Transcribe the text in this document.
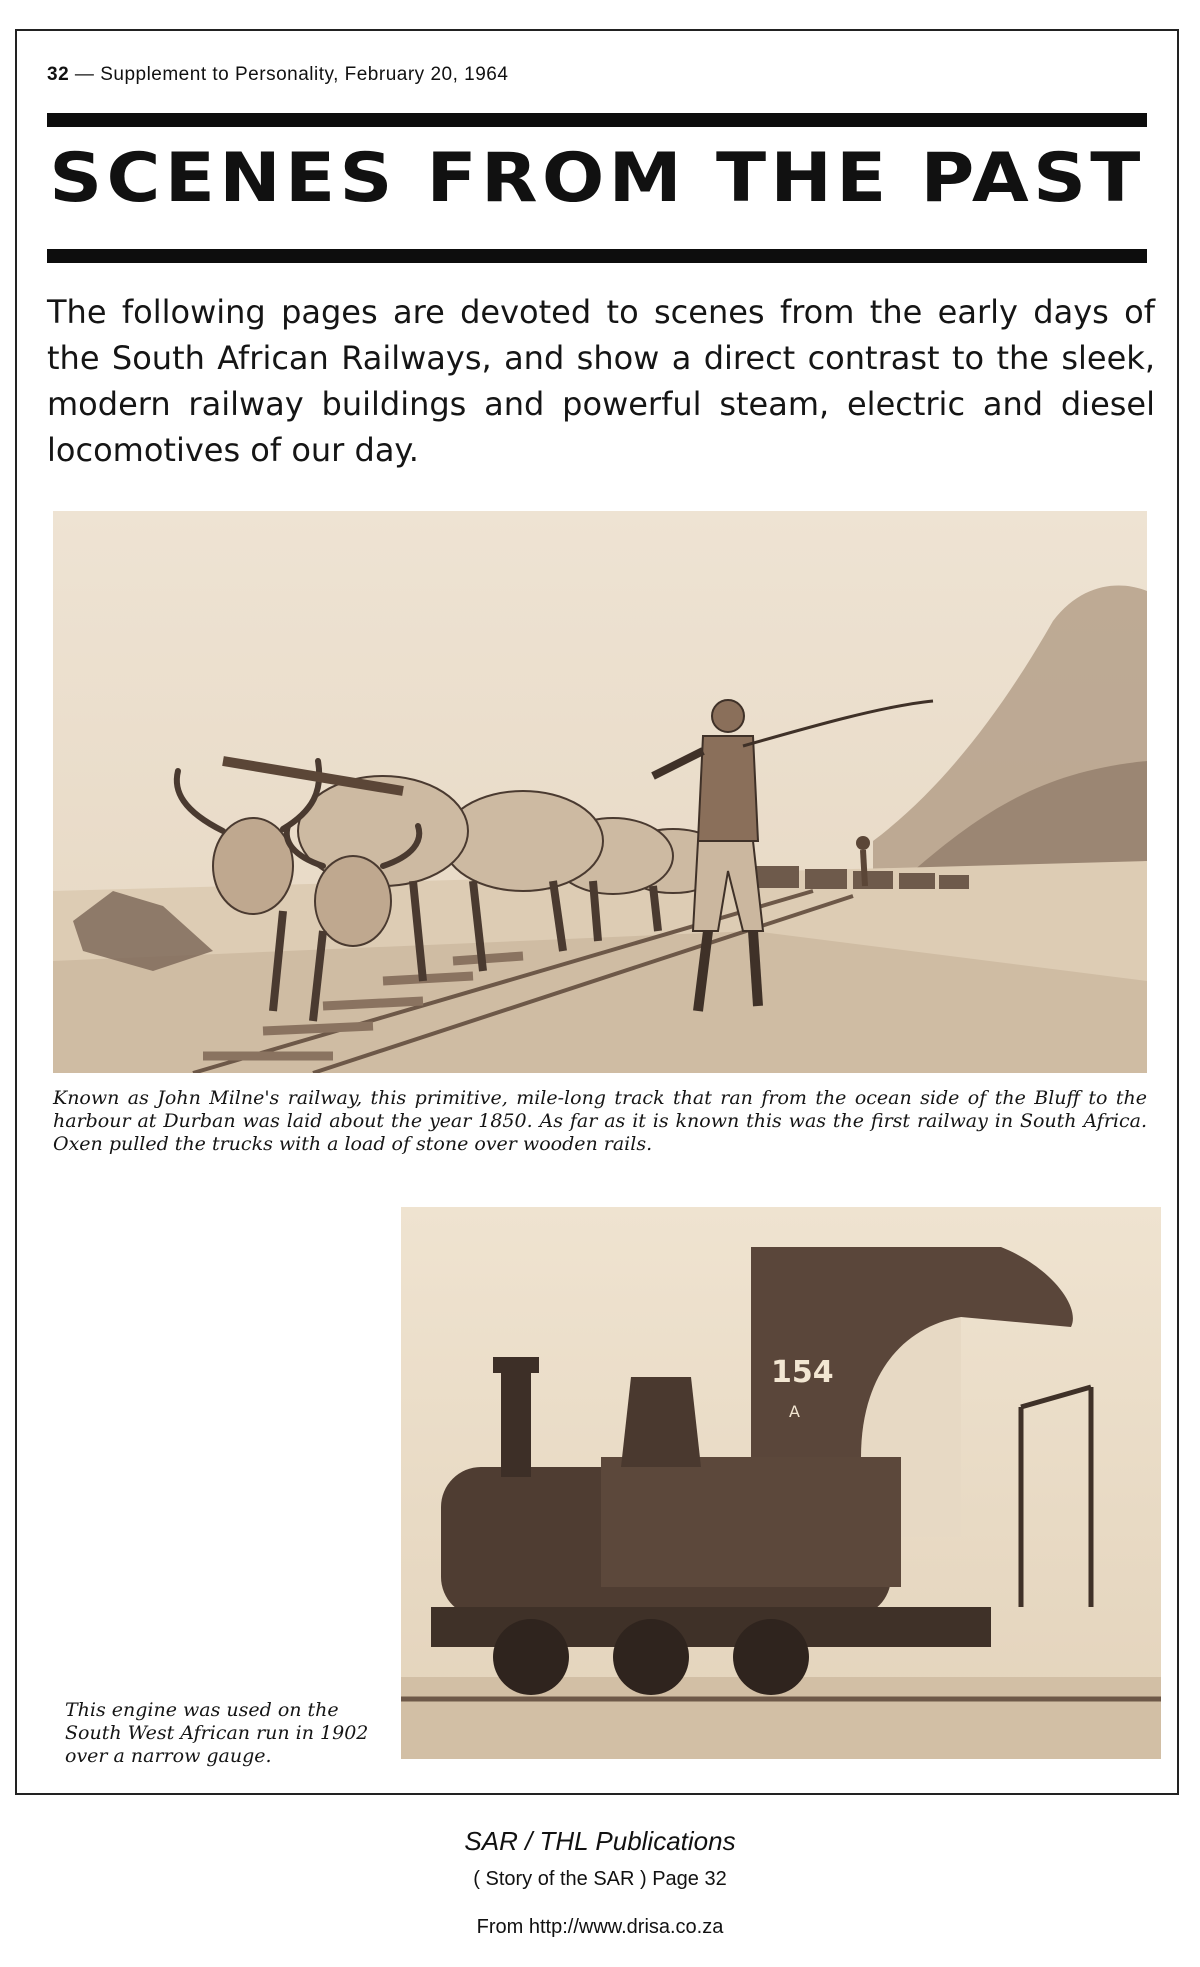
32 — Supplement to Personality, February 20, 1964
SCENES FROM THE PAST
The following pages are devoted to scenes from the early days of the South African Railways, and show a direct contrast to the sleek, modern railway buildings and powerful steam, electric and diesel locomotives of our day.
Known as John Milne's railway, this primitive, mile-long track that ran from the ocean side of the Bluff to the harbour at Durban was laid about the year 1850. As far as it is known this was the first railway in South Africa. Oxen pulled the trucks with a load of stone over wooden rails.
154
A
This engine was used on the South West African run in 1902 over a narrow gauge.
SAR / THL Publications
( Story of the SAR ) Page 32
From http://www.drisa.co.za
